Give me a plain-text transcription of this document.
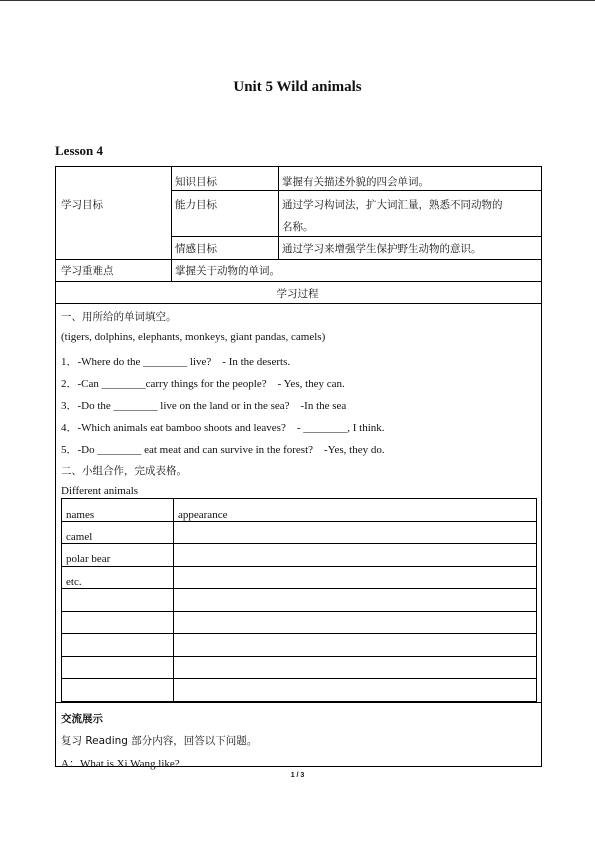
Unit 5 Wild animals
Lesson 4
学习目标
知识目标	掌握有关描述外貌的四会单词。
能力目标	通过学习构词法，扩大词汇量，熟悉不同动物的
名称。
情感目标	通过学习来增强学生保护野生动物的意识。
学习重难点	掌握关于动物的单词。
学习过程
一、用所给的单词填空。
(tigers, dolphins, elephants, monkeys, giant pandas, camels)
1．-Where do the ________ live?    - In the deserts.
2．-Can ________carry things for the people?    - Yes, they can.
3．-Do the ________ live on the land or in the sea?    -In the sea
4．-Which animals eat bamboo shoots and leaves?    - ________, I think.
5．-Do ________ eat meat and can survive in the forest?    -Yes, they do.
二、小组合作，完成表格。
Different animals
names	appearance
camel
polar bear
etc.
交流展示
复习 Reading 部分内容，回答以下问题。
A：What is Xi Wang like?
1 / 3
